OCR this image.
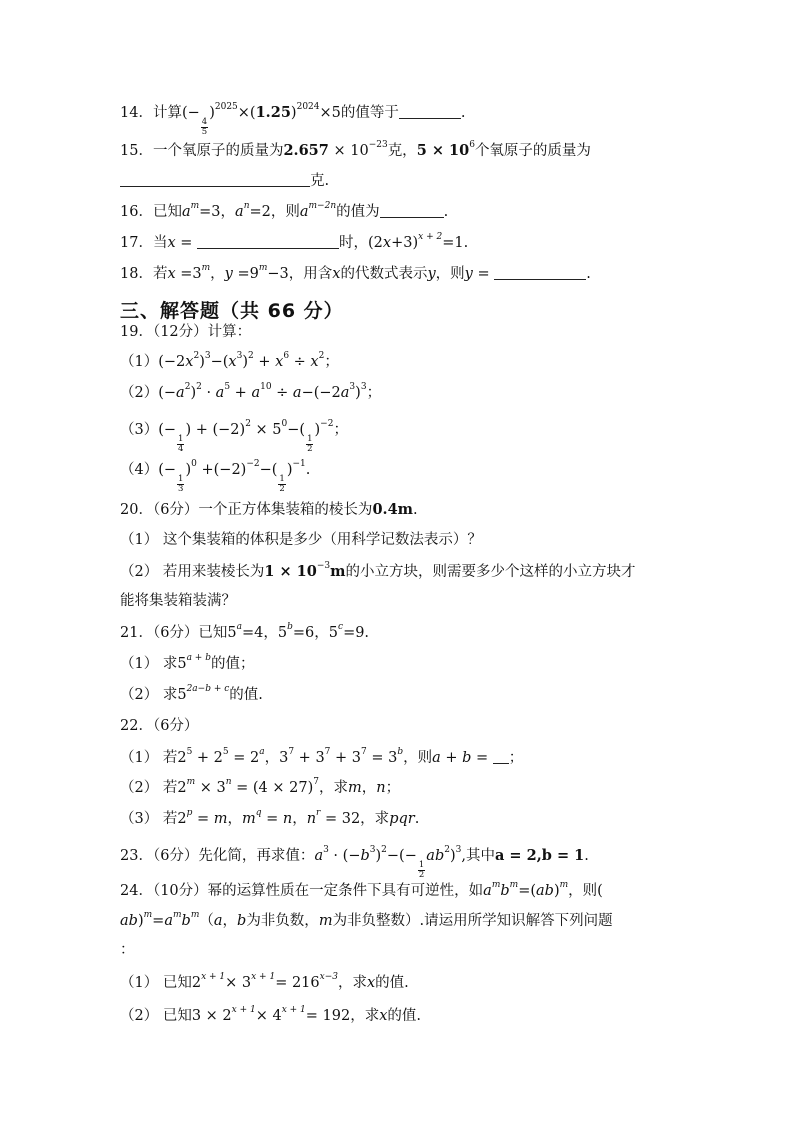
14．计算(−
$\frac{4}{5}$
)$^{2025}\times(1.25)^{2024}\times 5$的值等于	.
15．一个氧原子的质量为$2.657 \times 10^{-23}$克，$5 \times 10^6$个氧原子的质量为
克.
16．已知$a^m=3$，$a^n=2$，则$a^{m-2n}$的值为	.
17．当x =	时，$(2x+3)^{x + 2}=1$.
18．若$x =3^m$，$y =9^m-3$，用含x的代数式表示y，则y =	.
三、解答题（共 66 分）
19．（12分）计算：
$(1)(-2x^2)^3-(x^3)^2 + x^6 \div x^2$；
$(2)(-a^2)^2 \cdot a^5 + a^{10} \div a-(-2a^3)^3$；
（3）(−
$\frac{1}{4}$
) + $(-2)^2 \times 5^0-$(
$\frac{1}{2}$
)$^{-2}$；
（4）(−
$\frac{1}{3}$
)$^0 +(-2)^{-2}-$(
$\frac{1}{2}$
)$^{-1}$.
20．（6分）一个正方体集装箱的棱长为0.4m.
（1） 这个集装箱的体积是多少（用科学记数法表示）？
（2） 若用来装棱长为$1 \times 10^{-3}m$的小立方块，则需要多少个这样的小立方块才
能将集装箱装满？
21．（6分）已知$5^a=4$，$5^b=6$，$5^c=9$.
（1） 求$5^{a + b}$的值；
（2） 求$5^{2a-b + c}$的值.
22．（6分）
（1） 若$2^5 + 2^5 = 2^a$，$3^7 + 3^7 + 3^7 = 3^b$，则a + b = ；
（2） 若$2^m \times 3^n = (4 \times 27)^7$，求m，n；
（3） 若$2^p = m$，$m^q = n$，$n^r = 32$，求pqr.
23．（6分）先化简，再求值：$a^3 \cdot (-b^3)^2-(-$
$\frac{1}{2}$
$ab^2)^3$,其中a = 2,b = 1.
24．（10分）幂的运算性质在一定条件下具有可逆性，如$a^mb^m=(ab)^m$，则(
$ab)^m=a^mb^m(a$，b为非负数，m为非负整数）.请运用所学知识解答下列问题
：
（1） 已知$2^{x + 1}\times 3^{x + 1}= 216^{x-3}$，求x的值.
（2） 已知$3 \times 2^{x + 1}\times 4^{x + 1}= 192$，求x的值.
